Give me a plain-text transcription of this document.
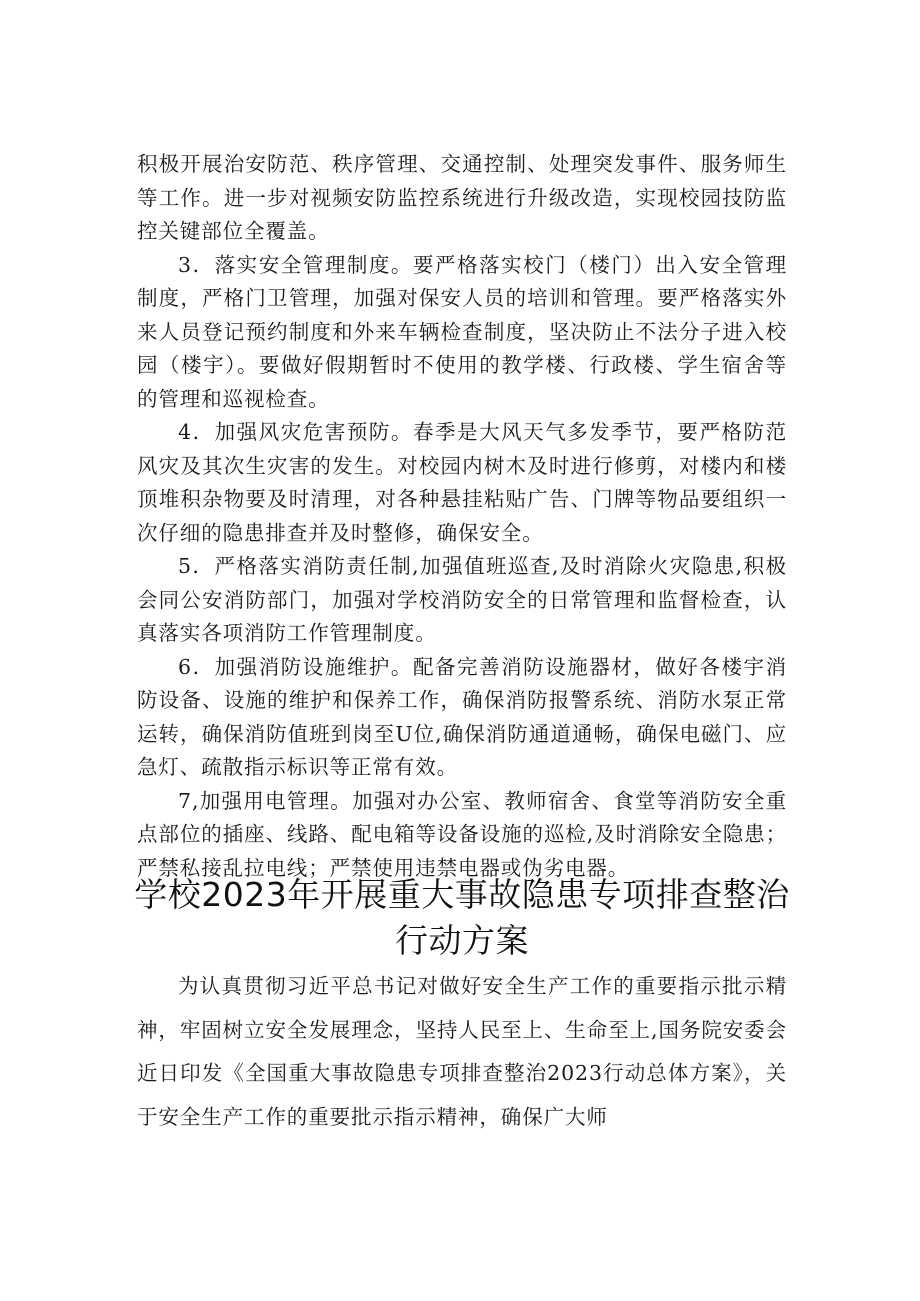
积极开展治安防范、秩序管理、交通控制、处理突发事件、服务师生等工作。进一步对视频安防监控系统进行升级改造，实现校园技防监控关键部位全覆盖。

3．落实安全管理制度。要严格落实校门（楼门）出入安全管理制度，严格门卫管理，加强对保安人员的培训和管理。要严格落实外来人员登记预约制度和外来车辆检查制度，坚决防止不法分子进入校园（楼宇）。要做好假期暂时不使用的教学楼、行政楼、学生宿舍等的管理和巡视检查。

4．加强风灾危害预防。春季是大风天气多发季节，要严格防范风灾及其次生灾害的发生。对校园内树木及时进行修剪，对楼内和楼顶堆积杂物要及时清理，对各种悬挂粘贴广告、门牌等物品要组织一次仔细的隐患排查并及时整修，确保安全。

5．严格落实消防责任制,加强值班巡查,及时消除火灾隐患,积极会同公安消防部门，加强对学校消防安全的日常管理和监督检查，认真落实各项消防工作管理制度。

6．加强消防设施维护。配备完善消防设施器材，做好各楼宇消防设备、设施的维护和保养工作，确保消防报警系统、消防水泵正常运转，确保消防值班到岗至U位,确保消防通道通畅，确保电磁门、应急灯、疏散指示标识等正常有效。

7,加强用电管理。加强对办公室、教师宿舍、食堂等消防安全重点部位的插座、线路、配电箱等设备设施的巡检,及时消除安全隐患；严禁私接乱拉电线；严禁使用违禁电器或伪劣电器。

学校2023年开展重大事故隐患专项排查整治行动方案

为认真贯彻习近平总书记对做好安全生产工作的重要指示批示精神，牢固树立安全发展理念，坚持人民至上、生命至上,国务院安委会近日印发《全国重大事故隐患专项排查整治2023行动总体方案》，关于安全生产工作的重要批示指示精神，确保广大师
